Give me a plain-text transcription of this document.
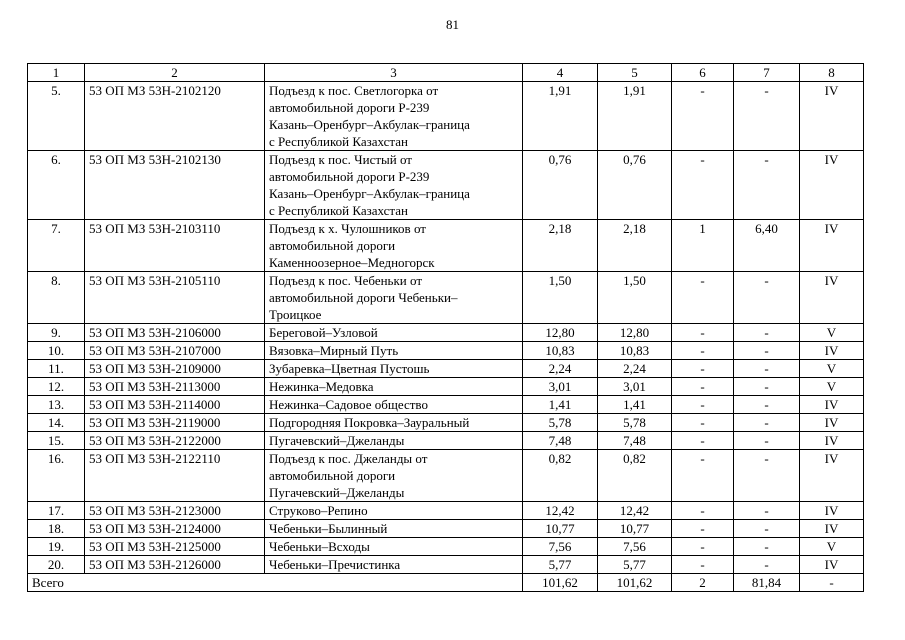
81
1	2	3	4	5	6	7	8
5.	53 ОП МЗ 53Н-2102120	Подъезд к пос. Светлогорка от
автомобильной дороги Р-239
Казань–Оренбург–Акбулак–граница
с Республикой Казахстан	1,91	1,91	-	-	IV
6.	53 ОП МЗ 53Н-2102130	Подъезд к пос. Чистый от
автомобильной дороги Р-239
Казань–Оренбург–Акбулак–граница
с Республикой Казахстан	0,76	0,76	-	-	IV
7.	53 ОП МЗ 53Н-2103110	Подъезд к х. Чулошников от
автомобильной дороги
Каменноозерное–Медногорск	2,18	2,18	1	6,40	IV
8.	53 ОП МЗ 53Н-2105110	Подъезд к пос. Чебеньки от
автомобильной дороги Чебеньки–
Троицкое	1,50	1,50	-	-	IV
9.	53 ОП МЗ 53Н-2106000	Береговой–Узловой	12,80	12,80	-	-	V
10.	53 ОП МЗ 53Н-2107000	Вязовка–Мирный Путь	10,83	10,83	-	-	IV
11.	53 ОП МЗ 53Н-2109000	Зубаревка–Цветная Пустошь	2,24	2,24	-	-	V
12.	53 ОП МЗ 53Н-2113000	Нежинка–Медовка	3,01	3,01	-	-	V
13.	53 ОП МЗ 53Н-2114000	Нежинка–Садовое общество	1,41	1,41	-	-	IV
14.	53 ОП МЗ 53Н-2119000	Подгородняя Покровка–Зауральный	5,78	5,78	-	-	IV
15.	53 ОП МЗ 53Н-2122000	Пугачевский–Джеланды	7,48	7,48	-	-	IV
16.	53 ОП МЗ 53Н-2122110	Подъезд к пос. Джеланды от
автомобильной дороги
Пугачевский–Джеланды	0,82	0,82	-	-	IV
17.	53 ОП МЗ 53Н-2123000	Струково–Репино	12,42	12,42	-	-	IV
18.	53 ОП МЗ 53Н-2124000	Чебеньки–Былинный	10,77	10,77	-	-	IV
19.	53 ОП МЗ 53Н-2125000	Чебеньки–Всходы	7,56	7,56	-	-	V
20.	53 ОП МЗ 53Н-2126000	Чебеньки–Пречистинка	5,77	5,77	-	-	IV
Всего			101,62	101,62	2	81,84	-
